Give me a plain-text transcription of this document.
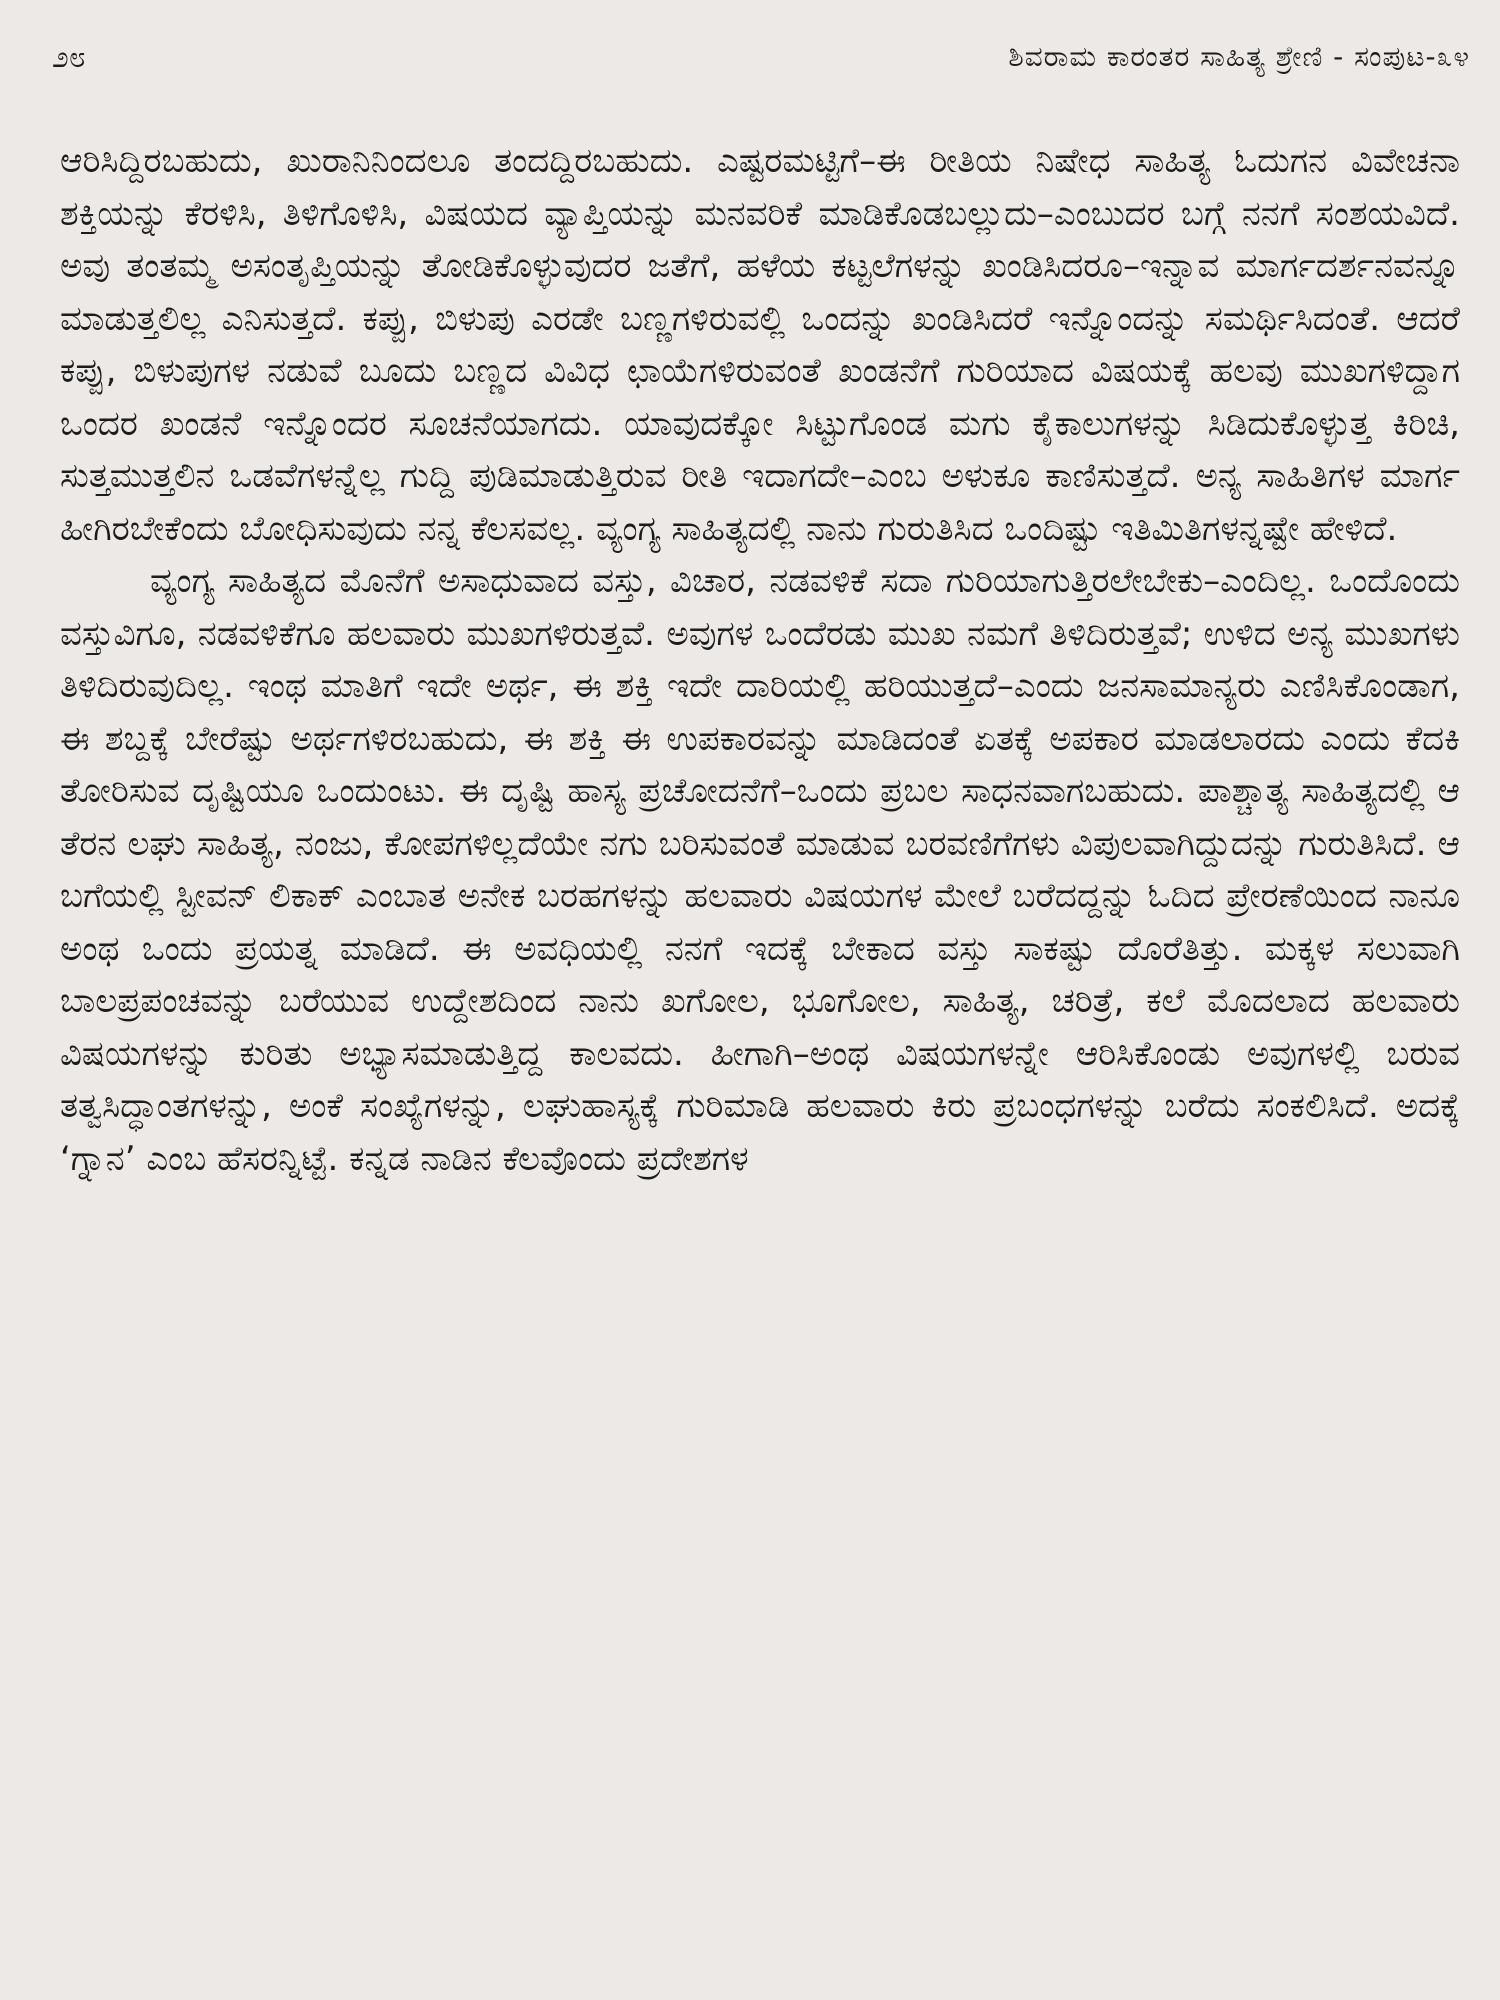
೨೮	ಶಿವರಾಮ ಕಾರಂತರ ಸಾಹಿತ್ಯ ಶ್ರೇಣಿ - ಸಂಪುಟ-೩೪

ಆರಿಸಿದ್ದಿರಬಹುದು, ಖುರಾನಿನಿಂದಲೂ ತಂದದ್ದಿರಬಹುದು. ಎಷ್ಟರಮಟ್ಟಿಗೆ–ಈ ರೀತಿಯ ನಿಷೇಧ ಸಾಹಿತ್ಯ ಓದುಗನ ವಿವೇಚನಾ ಶಕ್ತಿಯನ್ನು ಕೆರಳಿಸಿ, ತಿಳಿಗೊಳಿಸಿ, ವಿಷಯದ ವ್ಯಾಪ್ತಿಯನ್ನು ಮನವರಿಕೆ ಮಾಡಿಕೊಡಬಲ್ಲುದು–ಎಂಬುದರ ಬಗ್ಗೆ ನನಗೆ ಸಂಶಯವಿದೆ. ಅವು ತಂತಮ್ಮ ಅಸಂತೃಪ್ತಿಯನ್ನು ತೋಡಿಕೊಳ್ಳುವುದರ ಜತೆಗೆ, ಹಳೆಯ ಕಟ್ಟಲೆಗಳನ್ನು ಖಂಡಿಸಿದರೂ–ಇನ್ನಾವ ಮಾರ್ಗದರ್ಶನವನ್ನೂ ಮಾಡುತ್ತಲಿಲ್ಲ ಎನಿಸುತ್ತದೆ. ಕಪ್ಪು, ಬಿಳುಪು ಎರಡೇ ಬಣ್ಣಗಳಿರುವಲ್ಲಿ ಒಂದನ್ನು ಖಂಡಿಸಿದರೆ ಇನ್ನೊಂದನ್ನು ಸಮರ್ಥಿಸಿದಂತೆ. ಆದರೆ ಕಪ್ಪು, ಬಿಳುಪುಗಳ ನಡುವೆ ಬೂದು ಬಣ್ಣದ ವಿವಿಧ ಛಾಯೆಗಳಿರುವಂತೆ ಖಂಡನೆಗೆ ಗುರಿಯಾದ ವಿಷಯಕ್ಕೆ ಹಲವು ಮುಖಗಳಿದ್ದಾಗ ಒಂದರ ಖಂಡನೆ ಇನ್ನೊಂದರ ಸೂಚನೆಯಾಗದು. ಯಾವುದಕ್ಕೋ ಸಿಟ್ಟುಗೊಂಡ ಮಗು ಕೈಕಾಲುಗಳನ್ನು ಸಿಡಿದುಕೊಳ್ಳುತ್ತ ಕಿರಿಚಿ, ಸುತ್ತಮುತ್ತಲಿನ ಒಡವೆಗಳನ್ನೆಲ್ಲ ಗುದ್ದಿ ಪುಡಿಮಾಡುತ್ತಿರುವ ರೀತಿ ಇದಾಗದೇ–ಎಂಬ ಅಳುಕೂ ಕಾಣಿಸುತ್ತದೆ. ಅನ್ಯ ಸಾಹಿತಿಗಳ ಮಾರ್ಗ ಹೀಗಿರಬೇಕೆಂದು ಬೋಧಿಸುವುದು ನನ್ನ ಕೆಲಸವಲ್ಲ. ವ್ಯಂಗ್ಯ ಸಾಹಿತ್ಯದಲ್ಲಿ ನಾನು ಗುರುತಿಸಿದ ಒಂದಿಷ್ಟು ಇತಿಮಿತಿಗಳನ್ನಷ್ಟೇ ಹೇಳಿದೆ.

ವ್ಯಂಗ್ಯ ಸಾಹಿತ್ಯದ ಮೊನೆಗೆ ಅಸಾಧುವಾದ ವಸ್ತು, ವಿಚಾರ, ನಡವಳಿಕೆ ಸದಾ ಗುರಿಯಾಗುತ್ತಿರಲೇಬೇಕು–ಎಂದಿಲ್ಲ. ಒಂದೊಂದು ವಸ್ತುವಿಗೂ, ನಡವಳಿಕೆಗೂ ಹಲವಾರು ಮುಖಗಳಿರುತ್ತವೆ. ಅವುಗಳ ಒಂದೆರಡು ಮುಖ ನಮಗೆ ತಿಳಿದಿರುತ್ತವೆ; ಉಳಿದ ಅನ್ಯ ಮುಖಗಳು ತಿಳಿದಿರುವುದಿಲ್ಲ. ಇಂಥ ಮಾತಿಗೆ ಇದೇ ಅರ್ಥ, ಈ ಶಕ್ತಿ ಇದೇ ದಾರಿಯಲ್ಲಿ ಹರಿಯುತ್ತದೆ–ಎಂದು ಜನಸಾಮಾನ್ಯರು ಎಣಿಸಿಕೊಂಡಾಗ, ಈ ಶಬ್ದಕ್ಕೆ ಬೇರೆಷ್ಟು ಅರ್ಥಗಳಿರಬಹುದು, ಈ ಶಕ್ತಿ ಈ ಉಪಕಾರವನ್ನು ಮಾಡಿದಂತೆ ಏತಕ್ಕೆ ಅಪಕಾರ ಮಾಡಲಾರದು ಎಂದು ಕೆದಕಿ ತೋರಿಸುವ ದೃಷ್ಟಿಯೂ ಒಂದುಂಟು. ಈ ದೃಷ್ಟಿ ಹಾಸ್ಯ ಪ್ರಚೋದನೆಗೆ–ಒಂದು ಪ್ರಬಲ ಸಾಧನವಾಗಬಹುದು. ಪಾಶ್ಚಾತ್ಯ ಸಾಹಿತ್ಯದಲ್ಲಿ ಆ ತೆರನ ಲಘು ಸಾಹಿತ್ಯ, ನಂಜು, ಕೋಪಗಳಿಲ್ಲದೆಯೇ ನಗು ಬರಿಸುವಂತೆ ಮಾಡುವ ಬರವಣಿಗೆಗಳು ವಿಪುಲವಾಗಿದ್ದುದನ್ನು ಗುರುತಿಸಿದೆ. ಆ ಬಗೆಯಲ್ಲಿ ಸ್ಟೀವನ್ ಲಿಕಾಕ್ ಎಂಬಾತ ಅನೇಕ ಬರಹಗಳನ್ನು ಹಲವಾರು ವಿಷಯಗಳ ಮೇಲೆ ಬರೆದದ್ದನ್ನು ಓದಿದ ಪ್ರೇರಣೆಯಿಂದ ನಾನೂ ಅಂಥ ಒಂದು ಪ್ರಯತ್ನ ಮಾಡಿದೆ. ಈ ಅವಧಿಯಲ್ಲಿ ನನಗೆ ಇದಕ್ಕೆ ಬೇಕಾದ ವಸ್ತು ಸಾಕಷ್ಟು ದೊರೆತಿತ್ತು. ಮಕ್ಕಳ ಸಲುವಾಗಿ ಬಾಲಪ್ರಪಂಚವನ್ನು ಬರೆಯುವ ಉದ್ದೇಶದಿಂದ ನಾನು ಖಗೋಲ, ಭೂಗೋಲ, ಸಾಹಿತ್ಯ, ಚರಿತ್ರೆ, ಕಲೆ ಮೊದಲಾದ ಹಲವಾರು ವಿಷಯಗಳನ್ನು ಕುರಿತು ಅಭ್ಯಾಸಮಾಡುತ್ತಿದ್ದ ಕಾಲವದು. ಹೀಗಾಗಿ–ಅಂಥ ವಿಷಯಗಳನ್ನೇ ಆರಿಸಿಕೊಂಡು ಅವುಗಳಲ್ಲಿ ಬರುವ ತತ್ವಸಿದ್ಧಾಂತಗಳನ್ನು, ಅಂಕೆ ಸಂಖ್ಯೆಗಳನ್ನು, ಲಘುಹಾಸ್ಯಕ್ಕೆ ಗುರಿಮಾಡಿ ಹಲವಾರು ಕಿರು ಪ್ರಬಂಧಗಳನ್ನು ಬರೆದು ಸಂಕಲಿಸಿದೆ. ಅದಕ್ಕೆ ‘ಗ್ನಾನ’ ಎಂಬ ಹೆಸರನ್ನಿಟ್ಟೆ. ಕನ್ನಡ ನಾಡಿನ ಕೆಲವೊಂದು ಪ್ರದೇಶಗಳ
